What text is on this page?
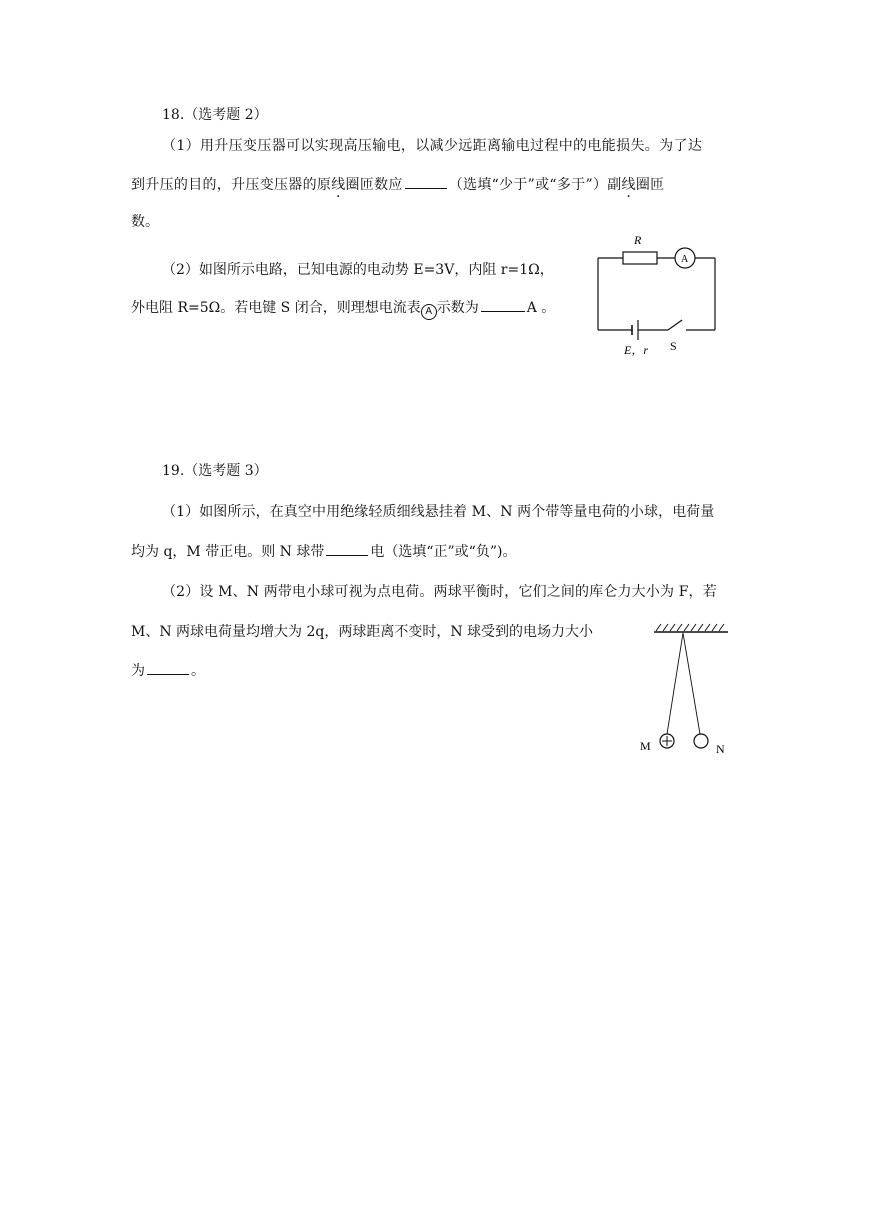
18.（选考题 2）
（1）用升压变压器可以实现高压输电，以减少远距离输电过程中的电能损失。为了达
到升压的目的，升压变压器的原线圈匝数应	（选填“少于”或“多于”）副线圈匝
数。
（2）如图所示电路，已知电源的电动势 E=3V，内阻 r=1Ω，
外电阻 R=5Ω。若电键 S 闭合，则理想电流表 A 示数为	A 。
R
A
E，r S
19.（选考题 3）
（1）如图所示，在真空中用绝缘轻质细线悬挂着 M、N 两个带等量电荷的小球，电荷量
均为 q，M 带正电。则 N 球带	电（选填“正”或“负”)。
（2）设 M、N 两带电小球可视为点电荷。两球平衡时，它们之间的库仑力大小为 F，若
M、N 两球电荷量均增大为 2q，两球距离不变时，N 球受到的电场力大小
为	。
M	N
